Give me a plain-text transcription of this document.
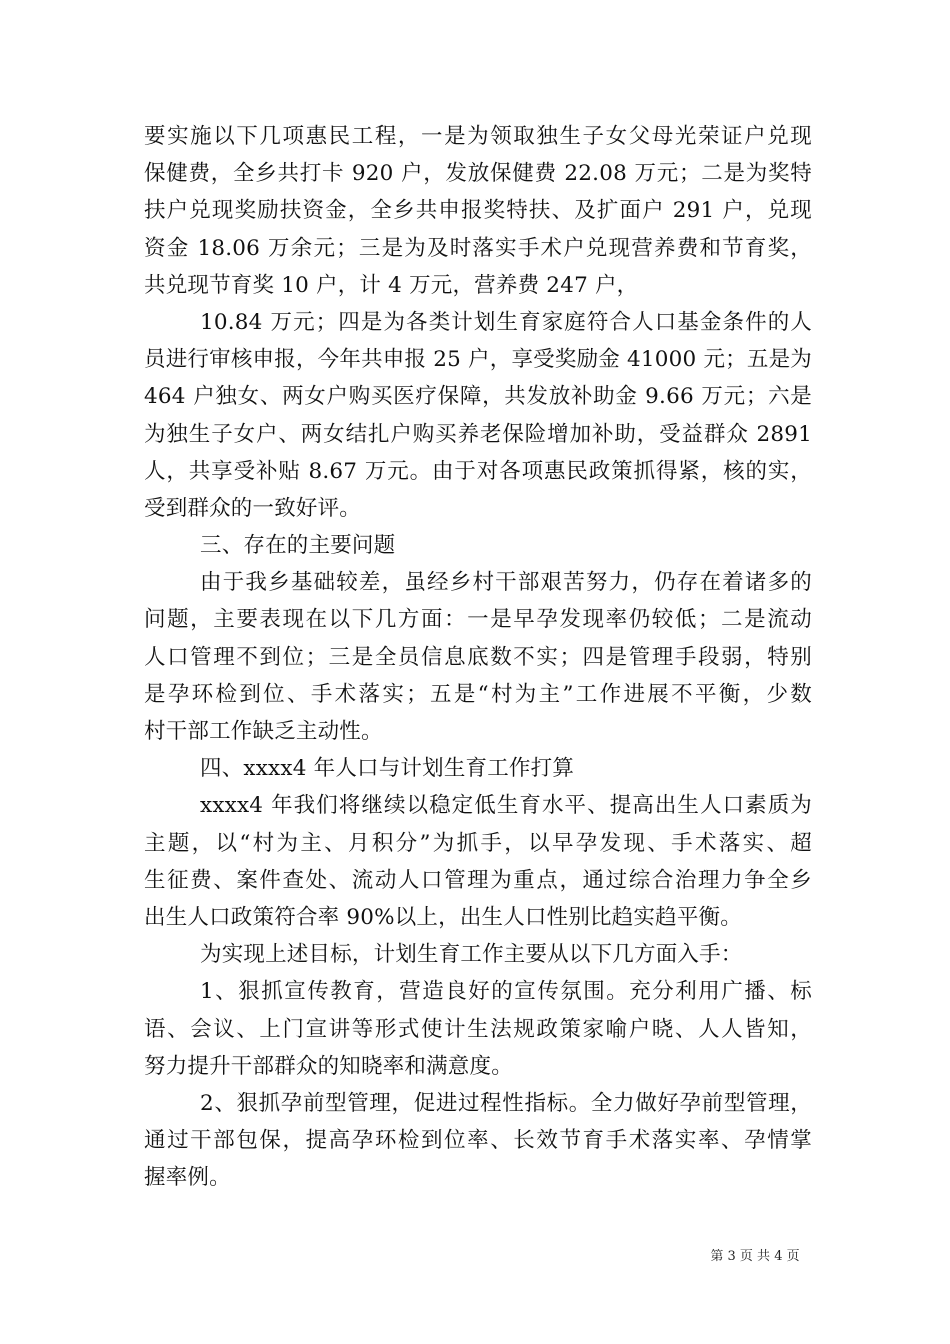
要实施以下几项惠民工程，一是为领取独生子女父母光荣证户兑现
保健费，全乡共打卡 920 户，发放保健费 22.08 万元；二是为奖特
扶户兑现奖励扶资金，全乡共申报奖特扶、及扩面户 291 户，兑现
资金 18.06 万余元；三是为及时落实手术户兑现营养费和节育奖，
共兑现节育奖 10 户，计 4 万元，营养费 247 户，
10.84 万元；四是为各类计划生育家庭符合人口基金条件的人
员进行审核申报，今年共申报 25 户，享受奖励金 41000 元；五是为
464 户独女、两女户购买医疗保障，共发放补助金 9.66 万元；六是
为独生子女户、两女结扎户购买养老保险增加补助，受益群众 2891
人，共享受补贴 8.67 万元。由于对各项惠民政策抓得紧，核的实，
受到群众的一致好评。
三、存在的主要问题
由于我乡基础较差，虽经乡村干部艰苦努力，仍存在着诸多的
问题，主要表现在以下几方面：一是早孕发现率仍较低；二是流动
人口管理不到位；三是全员信息底数不实；四是管理手段弱，特别
是孕环检到位、手术落实；五是“村为主”工作进展不平衡，少数
村干部工作缺乏主动性。
四、xxxx4 年人口与计划生育工作打算
xxxx4 年我们将继续以稳定低生育水平、提高出生人口素质为
主题，以“村为主、月积分”为抓手，以早孕发现、手术落实、超
生征费、案件查处、流动人口管理为重点，通过综合治理力争全乡
出生人口政策符合率 90%以上，出生人口性别比趋实趋平衡。
为实现上述目标，计划生育工作主要从以下几方面入手：
1、狠抓宣传教育，营造良好的宣传氛围。充分利用广播、标
语、会议、上门宣讲等形式使计生法规政策家喻户晓、人人皆知，
努力提升干部群众的知晓率和满意度。
2、狠抓孕前型管理，促进过程性指标。全力做好孕前型管理，
通过干部包保，提高孕环检到位率、长效节育手术落实率、孕情掌
握率例。
第 3 页 共 4 页
